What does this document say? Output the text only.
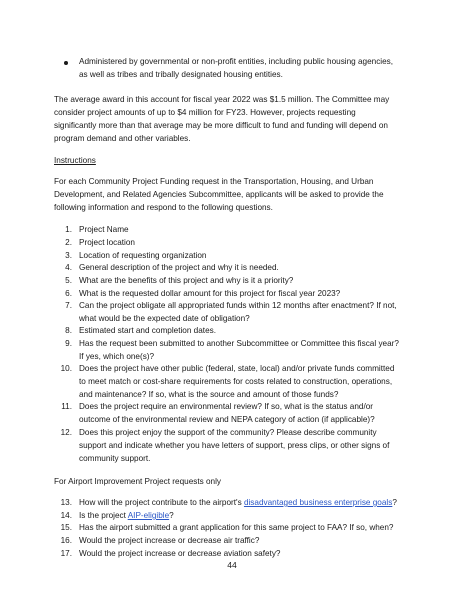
Administered by governmental or non-profit entities, including public housing agencies,
as well as tribes and tribally designated housing entities.
The average award in this account for fiscal year 2022 was $1.5 million. The Committee may
consider project amounts of up to $4 million for FY23. However, projects requesting
significantly more than that average may be more difficult to fund and funding will depend on
program demand and other variables.
Instructions
For each Community Project Funding request in the Transportation, Housing, and Urban
Development, and Related Agencies Subcommittee, applicants will be asked to provide the
following information and respond to the following questions.
1. Project Name
2. Project location
3. Location of requesting organization
4. General description of the project and why it is needed.
5. What are the benefits of this project and why is it a priority?
6. What is the requested dollar amount for this project for fiscal year 2023?
7. Can the project obligate all appropriated funds within 12 months after enactment? If not,
what would be the expected date of obligation?
8. Estimated start and completion dates.
9. Has the request been submitted to another Subcommittee or Committee this fiscal year?
If yes, which one(s)?
10. Does the project have other public (federal, state, local) and/or private funds committed
to meet match or cost-share requirements for costs related to construction, operations,
and maintenance? If so, what is the source and amount of those funds?
11. Does the project require an environmental review? If so, what is the status and/or
outcome of the environmental review and NEPA category of action (if applicable)?
12. Does this project enjoy the support of the community? Please describe community
support and indicate whether you have letters of support, press clips, or other signs of
community support.
For Airport Improvement Project requests only
13. How will the project contribute to the airport's disadvantaged business enterprise goals?
14. Is the project AIP-eligible?
15. Has the airport submitted a grant application for this same project to FAA? If so, when?
16. Would the project increase or decrease air traffic?
17. Would the project increase or decrease aviation safety?
44
